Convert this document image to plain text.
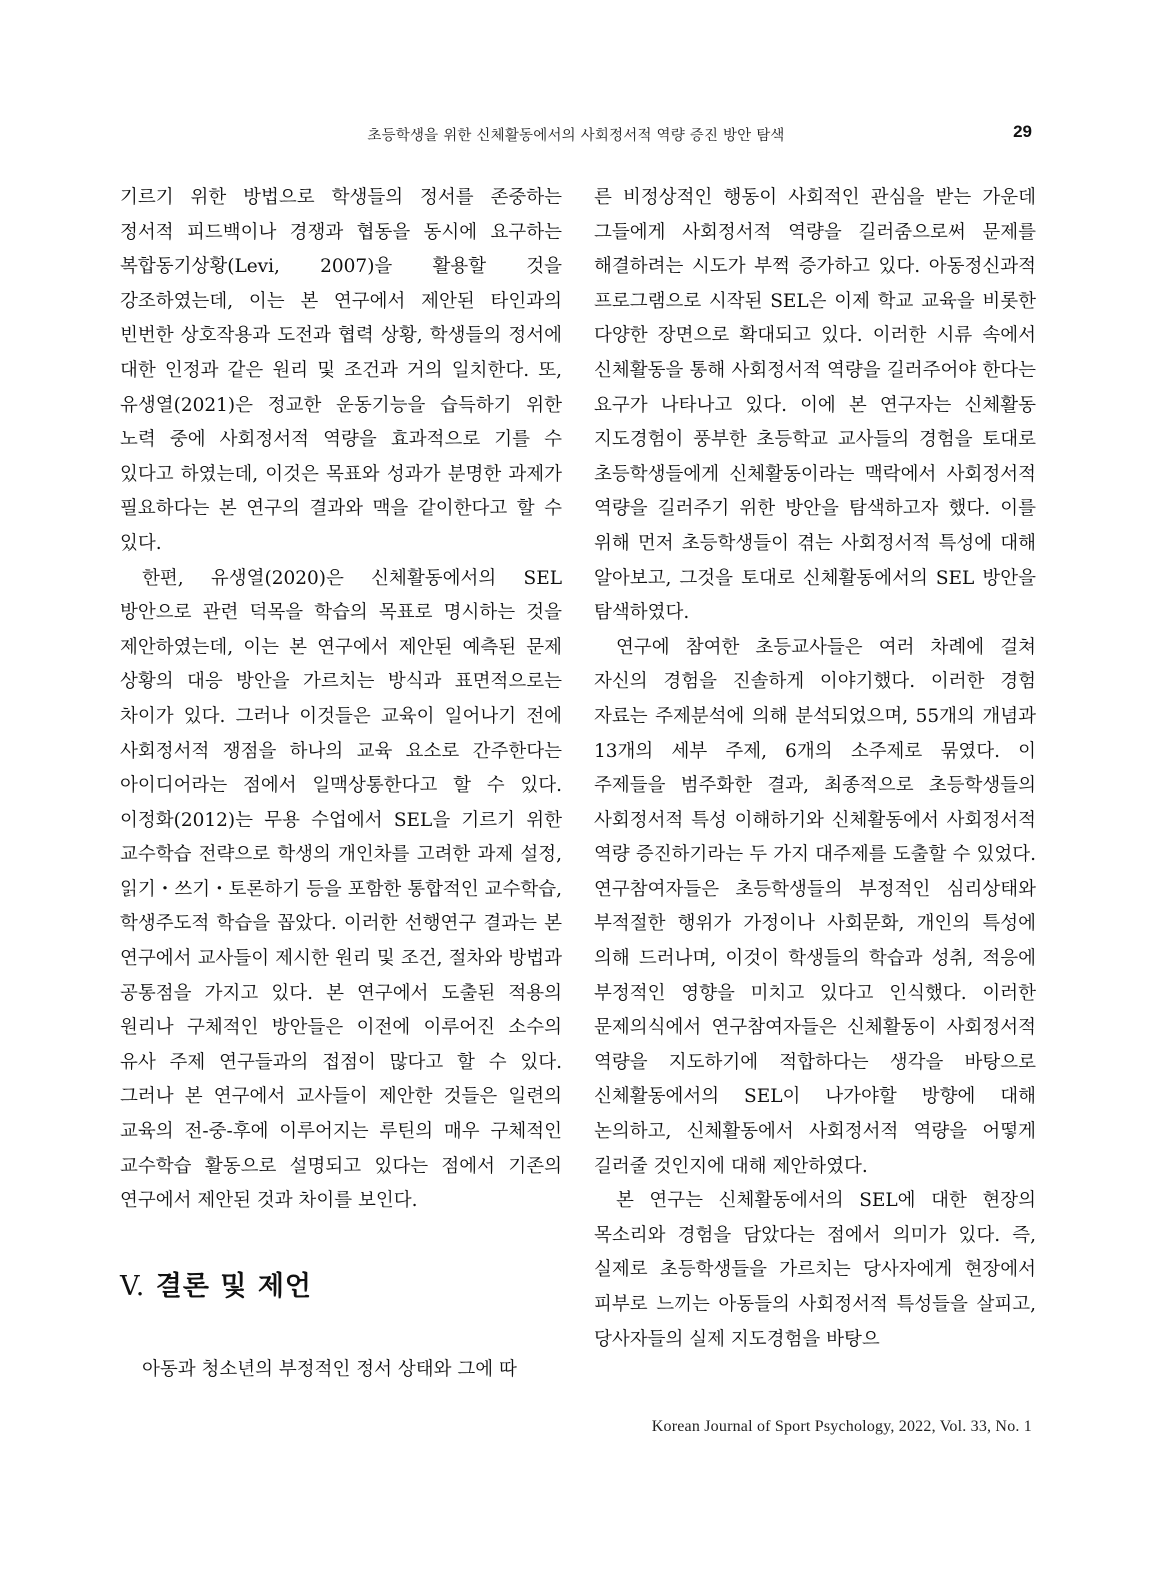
초등학생을 위한 신체활동에서의 사회정서적 역량 증진 방안 탐색	29

기르기 위한 방법으로 학생들의 정서를 존중하는 정서적 피드백이나 경쟁과 협동을 동시에 요구하는 복합동기상황(Levi, 2007)을 활용할 것을 강조하였는데, 이는 본 연구에서 제안된 타인과의 빈번한 상호작용과 도전과 협력 상황, 학생들의 정서에 대한 인정과 같은 원리 및 조건과 거의 일치한다. 또, 유생열(2021)은 정교한 운동기능을 습득하기 위한 노력 중에 사회정서적 역량을 효과적으로 기를 수 있다고 하였는데, 이것은 목표와 성과가 분명한 과제가 필요하다는 본 연구의 결과와 맥을 같이한다고 할 수 있다.

한편, 유생열(2020)은 신체활동에서의 SEL 방안으로 관련 덕목을 학습의 목표로 명시하는 것을 제안하였는데, 이는 본 연구에서 제안된 예측된 문제 상황의 대응 방안을 가르치는 방식과 표면적으로는 차이가 있다. 그러나 이것들은 교육이 일어나기 전에 사회정서적 쟁점을 하나의 교육 요소로 간주한다는 아이디어라는 점에서 일맥상통한다고 할 수 있다. 이정화(2012)는 무용 수업에서 SEL을 기르기 위한 교수학습 전략으로 학생의 개인차를 고려한 과제 설정, 읽기・쓰기・토론하기 등을 포함한 통합적인 교수학습, 학생주도적 학습을 꼽았다. 이러한 선행연구 결과는 본 연구에서 교사들이 제시한 원리 및 조건, 절차와 방법과 공통점을 가지고 있다. 본 연구에서 도출된 적용의 원리나 구체적인 방안들은 이전에 이루어진 소수의 유사 주제 연구들과의 접점이 많다고 할 수 있다. 그러나 본 연구에서 교사들이 제안한 것들은 일련의 교육의 전-중-후에 이루어지는 루틴의 매우 구체적인 교수학습 활동으로 설명되고 있다는 점에서 기존의 연구에서 제안된 것과 차이를 보인다.

V. 결론 및 제언

아동과 청소년의 부정적인 정서 상태와 그에 따

른 비정상적인 행동이 사회적인 관심을 받는 가운데 그들에게 사회정서적 역량을 길러줌으로써 문제를 해결하려는 시도가 부쩍 증가하고 있다. 아동정신과적 프로그램으로 시작된 SEL은 이제 학교 교육을 비롯한 다양한 장면으로 확대되고 있다. 이러한 시류 속에서 신체활동을 통해 사회정서적 역량을 길러주어야 한다는 요구가 나타나고 있다. 이에 본 연구자는 신체활동 지도경험이 풍부한 초등학교 교사들의 경험을 토대로 초등학생들에게 신체활동이라는 맥락에서 사회정서적 역량을 길러주기 위한 방안을 탐색하고자 했다. 이를 위해 먼저 초등학생들이 겪는 사회정서적 특성에 대해 알아보고, 그것을 토대로 신체활동에서의 SEL 방안을 탐색하였다.

연구에 참여한 초등교사들은 여러 차례에 걸쳐 자신의 경험을 진솔하게 이야기했다. 이러한 경험 자료는 주제분석에 의해 분석되었으며, 55개의 개념과 13개의 세부 주제, 6개의 소주제로 묶였다. 이 주제들을 범주화한 결과, 최종적으로 초등학생들의 사회정서적 특성 이해하기와 신체활동에서 사회정서적 역량 증진하기라는 두 가지 대주제를 도출할 수 있었다. 연구참여자들은 초등학생들의 부정적인 심리상태와 부적절한 행위가 가정이나 사회문화, 개인의 특성에 의해 드러나며, 이것이 학생들의 학습과 성취, 적응에 부정적인 영향을 미치고 있다고 인식했다. 이러한 문제의식에서 연구참여자들은 신체활동이 사회정서적 역량을 지도하기에 적합하다는 생각을 바탕으로 신체활동에서의 SEL이 나가야할 방향에 대해 논의하고, 신체활동에서 사회정서적 역량을 어떻게 길러줄 것인지에 대해 제안하였다.

본 연구는 신체활동에서의 SEL에 대한 현장의 목소리와 경험을 담았다는 점에서 의미가 있다. 즉, 실제로 초등학생들을 가르치는 당사자에게 현장에서 피부로 느끼는 아동들의 사회정서적 특성들을 살피고, 당사자들의 실제 지도경험을 바탕으

Korean Journal of Sport Psychology, 2022, Vol. 33, No. 1
